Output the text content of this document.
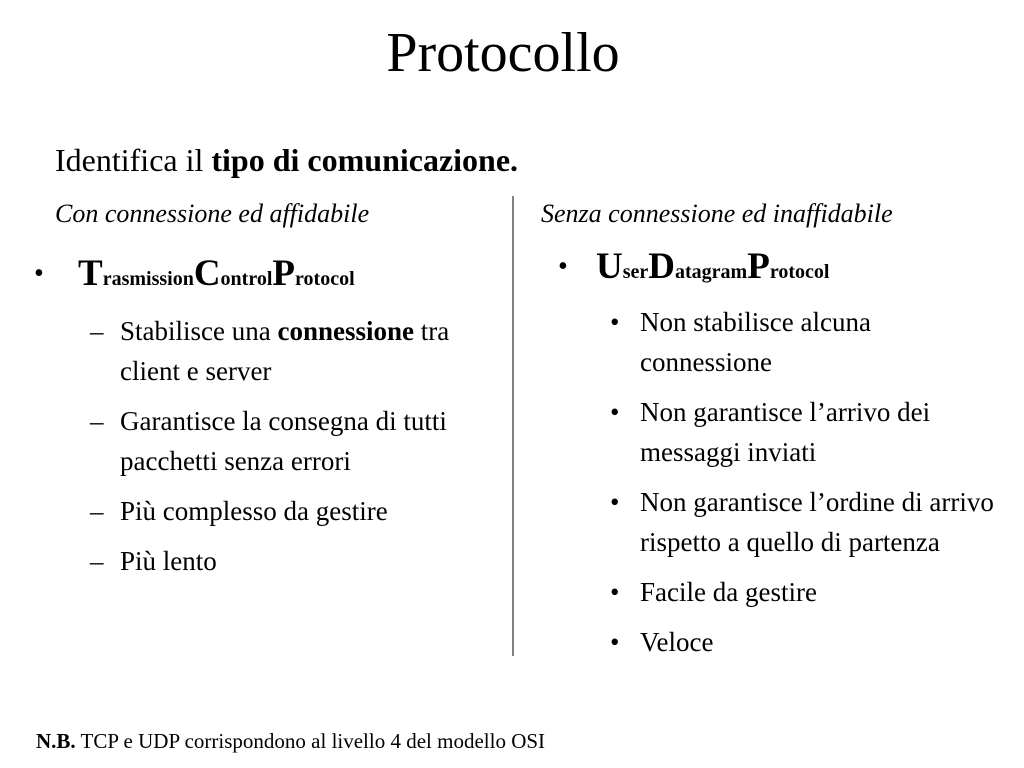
Protocollo
Identifica il tipo di comunicazione.
Con connessione ed affidabile	Senza connessione ed inaffidabile
• TrasmissionControlProtocol
– Stabilisce una connessione tra client e server
– Garantisce la consegna di tutti pacchetti senza errori
– Più complesso da gestire
– Più lento
• UserDatagramProtocol
• Non stabilisce alcuna connessione
• Non garantisce l’arrivo dei messaggi inviati
• Non garantisce l’ordine di arrivo rispetto a quello di partenza
• Facile da gestire
• Veloce
N.B. TCP e UDP corrispondono al livello 4 del modello OSI
